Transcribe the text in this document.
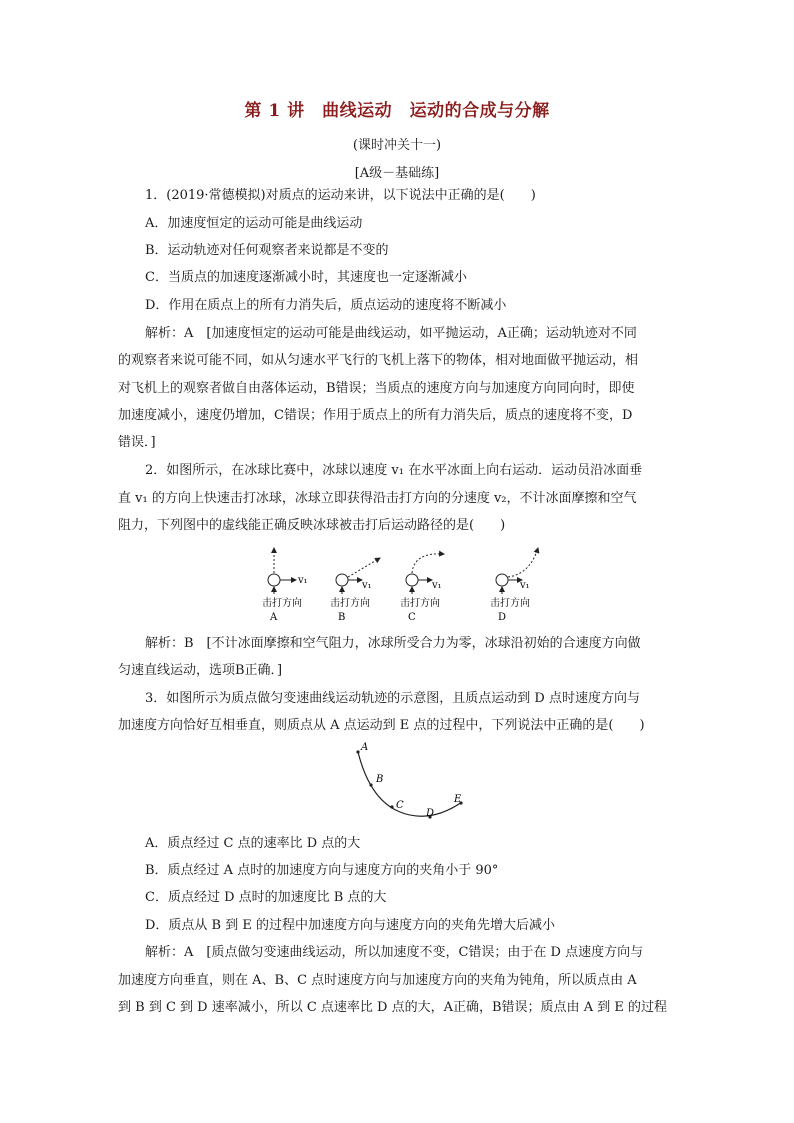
第 1 讲　曲线运动　运动的合成与分解
(课时冲关十一)
[A级－基础练]
1．(2019·常德模拟)对质点的运动来讲，以下说法中正确的是(　　)
A．加速度恒定的运动可能是曲线运动
B．运动轨迹对任何观察者来说都是不变的
C．当质点的加速度逐渐减小时，其速度也一定逐渐减小
D．作用在质点上的所有力消失后，质点运动的速度将不断减小
解析：A　[加速度恒定的运动可能是曲线运动，如平抛运动，A正确；运动轨迹对不同
的观察者来说可能不同，如从匀速水平飞行的飞机上落下的物体，相对地面做平抛运动，相
对飞机上的观察者做自由落体运动，B错误；当质点的速度方向与加速度方向同向时，即使
加速度减小，速度仍增加，C错误；作用于质点上的所有力消失后，质点的速度将不变，D
错误．]
2．如图所示，在冰球比赛中，冰球以速度 v₁ 在水平冰面上向右运动．运动员沿冰面垂
直 v₁ 的方向上快速击打冰球，冰球立即获得沿击打方向的分速度 v₂，不计冰面摩擦和空气
阻力，下列图中的虚线能正确反映冰球被击打后运动路径的是(　　)
v₁
击打方向
A
v₁
击打方向
B
v₁
击打方向
C
v₁
击打方向
D
解析：B　[不计冰面摩擦和空气阻力，冰球所受合力为零，冰球沿初始的合速度方向做
匀速直线运动，选项B正确．]
3．如图所示为质点做匀变速曲线运动轨迹的示意图，且质点运动到 D 点时速度方向与
加速度方向恰好互相垂直，则质点从 A 点运动到 E 点的过程中，下列说法中正确的是(　　)
A
B
C
D
E
A．质点经过 C 点的速率比 D 点的大
B．质点经过 A 点时的加速度方向与速度方向的夹角小于 90°
C．质点经过 D 点时的加速度比 B 点的大
D．质点从 B 到 E 的过程中加速度方向与速度方向的夹角先增大后减小
解析：A　[质点做匀变速曲线运动，所以加速度不变，C错误；由于在 D 点速度方向与
加速度方向垂直，则在 A、B、C 点时速度方向与加速度方向的夹角为钝角，所以质点由 A
到 B 到 C 到 D 速率减小，所以 C 点速率比 D 点的大，A正确，B错误；质点由 A 到 E 的过程
